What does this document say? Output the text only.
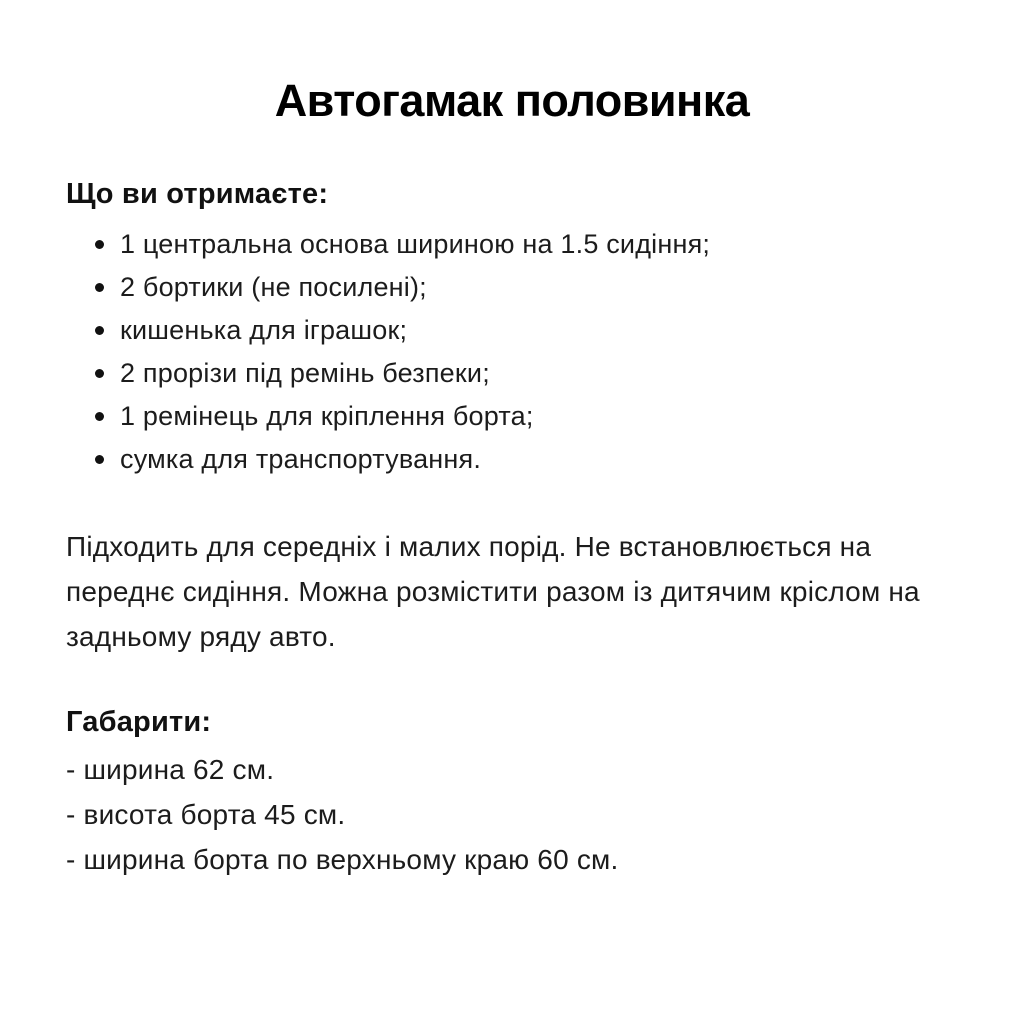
Автогамак половинка
Що ви отримаєте:
1 центральна основа шириною на 1.5 сидіння;
2 бортики (не посилені);
кишенька для іграшок;
2 прорізи під ремінь безпеки;
1 ремінець для кріплення борта;
сумка для транспортування.

Підходить для середніх і малих порід. Не встановлюється на переднє сидіння. Можна розмістити разом із дитячим кріслом на задньому ряду авто.

Габарити:

- ширина 62 см.

- висота борта 45 см.

- ширина борта по верхньому краю 60 см.
